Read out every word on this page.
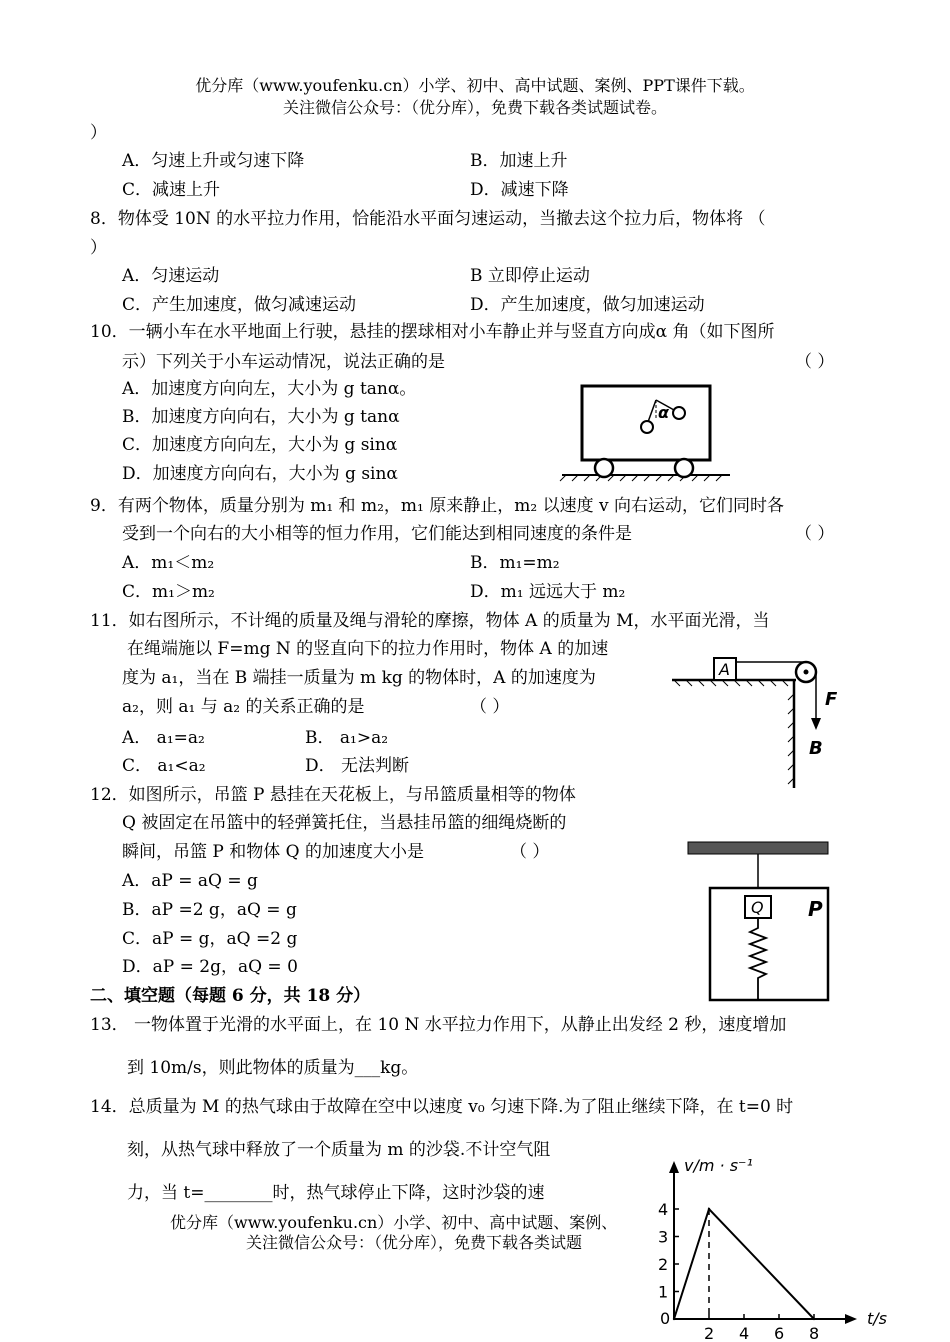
优分库（www.youfenku.cn）小学、初中、高中试题、案例、PPT课件下载。
关注微信公众号：（优分库），免费下载各类试题试卷。
）
A．匀速上升或匀速下降	B．加速上升
C．减速上升	D．减速下降
8．物体受 10N 的水平拉力作用，恰能沿水平面匀速运动，当撤去这个拉力后，物体将 （
）
A．匀速运动	B 立即停止运动
C．产生加速度，做匀减速运动	D．产生加速度，做匀加速运动
10．一辆小车在水平地面上行驶，悬挂的摆球相对小车静止并与竖直方向成α 角（如下图所
示）下列关于小车运动情况，说法正确的是	（ ）
A．加速度方向向左，大小为 g tanα。
B．加速度方向向右，大小为 g tanα
C．加速度方向向左，大小为 g sinα
D．加速度方向向右，大小为 g sinα
α
9．有两个物体，质量分别为 m₁ 和 m₂，m₁ 原来静止，m₂ 以速度 v 向右运动，它们同时各
受到一个向右的大小相等的恒力作用，它们能达到相同速度的条件是	（ ）
A．m₁＜m₂	B．m₁=m₂
C．m₁＞m₂	D．m₁ 远远大于 m₂
11．如右图所示，不计绳的质量及绳与滑轮的摩擦，物体 A 的质量为 M，水平面光滑，当
在绳端施以 F=mg N 的竖直向下的拉力作用时，物体 A 的加速
度为 a₁，当在 B 端挂一质量为 m kg 的物体时，A 的加速度为
a₂，则 a₁ 与 a₂ 的关系正确的是	（ ）
A． a₁=a₂	B． a₁>a₂
C． a₁<a₂	D． 无法判断
A
F
B
12．如图所示，吊篮 P 悬挂在天花板上，与吊篮质量相等的物体
Q 被固定在吊篮中的轻弹簧托住，当悬挂吊篮的细绳烧断的
瞬间，吊篮 P 和物体 Q 的加速度大小是	（ ）
A．aP = aQ = g
B．aP =2 g，aQ = g
C．aP = g，aQ =2 g
D．aP = 2g，aQ = 0
Q P
二、填空题（每题 6 分，共 18 分）
13． 一物体置于光滑的水平面上，在 10 N 水平拉力作用下，从静止出发经 2 秒，速度增加
到 10m/s，则此物体的质量为___kg。
14．总质量为 M 的热气球由于故障在空中以速度 v₀ 匀速下降.为了阻止继续下降，在 t=0 时
刻，从热气球中释放了一个质量为 m 的沙袋.不计空气阻
力，当 t=________时，热气球停止下降，这时沙袋的速
优分库（www.youfenku.cn）小学、初中、高中试题、案例、
关注微信公众号：（优分库），免费下载各类试题
t/s
v/m · s⁻¹
0
2 4 6 8
1
2
3
4
